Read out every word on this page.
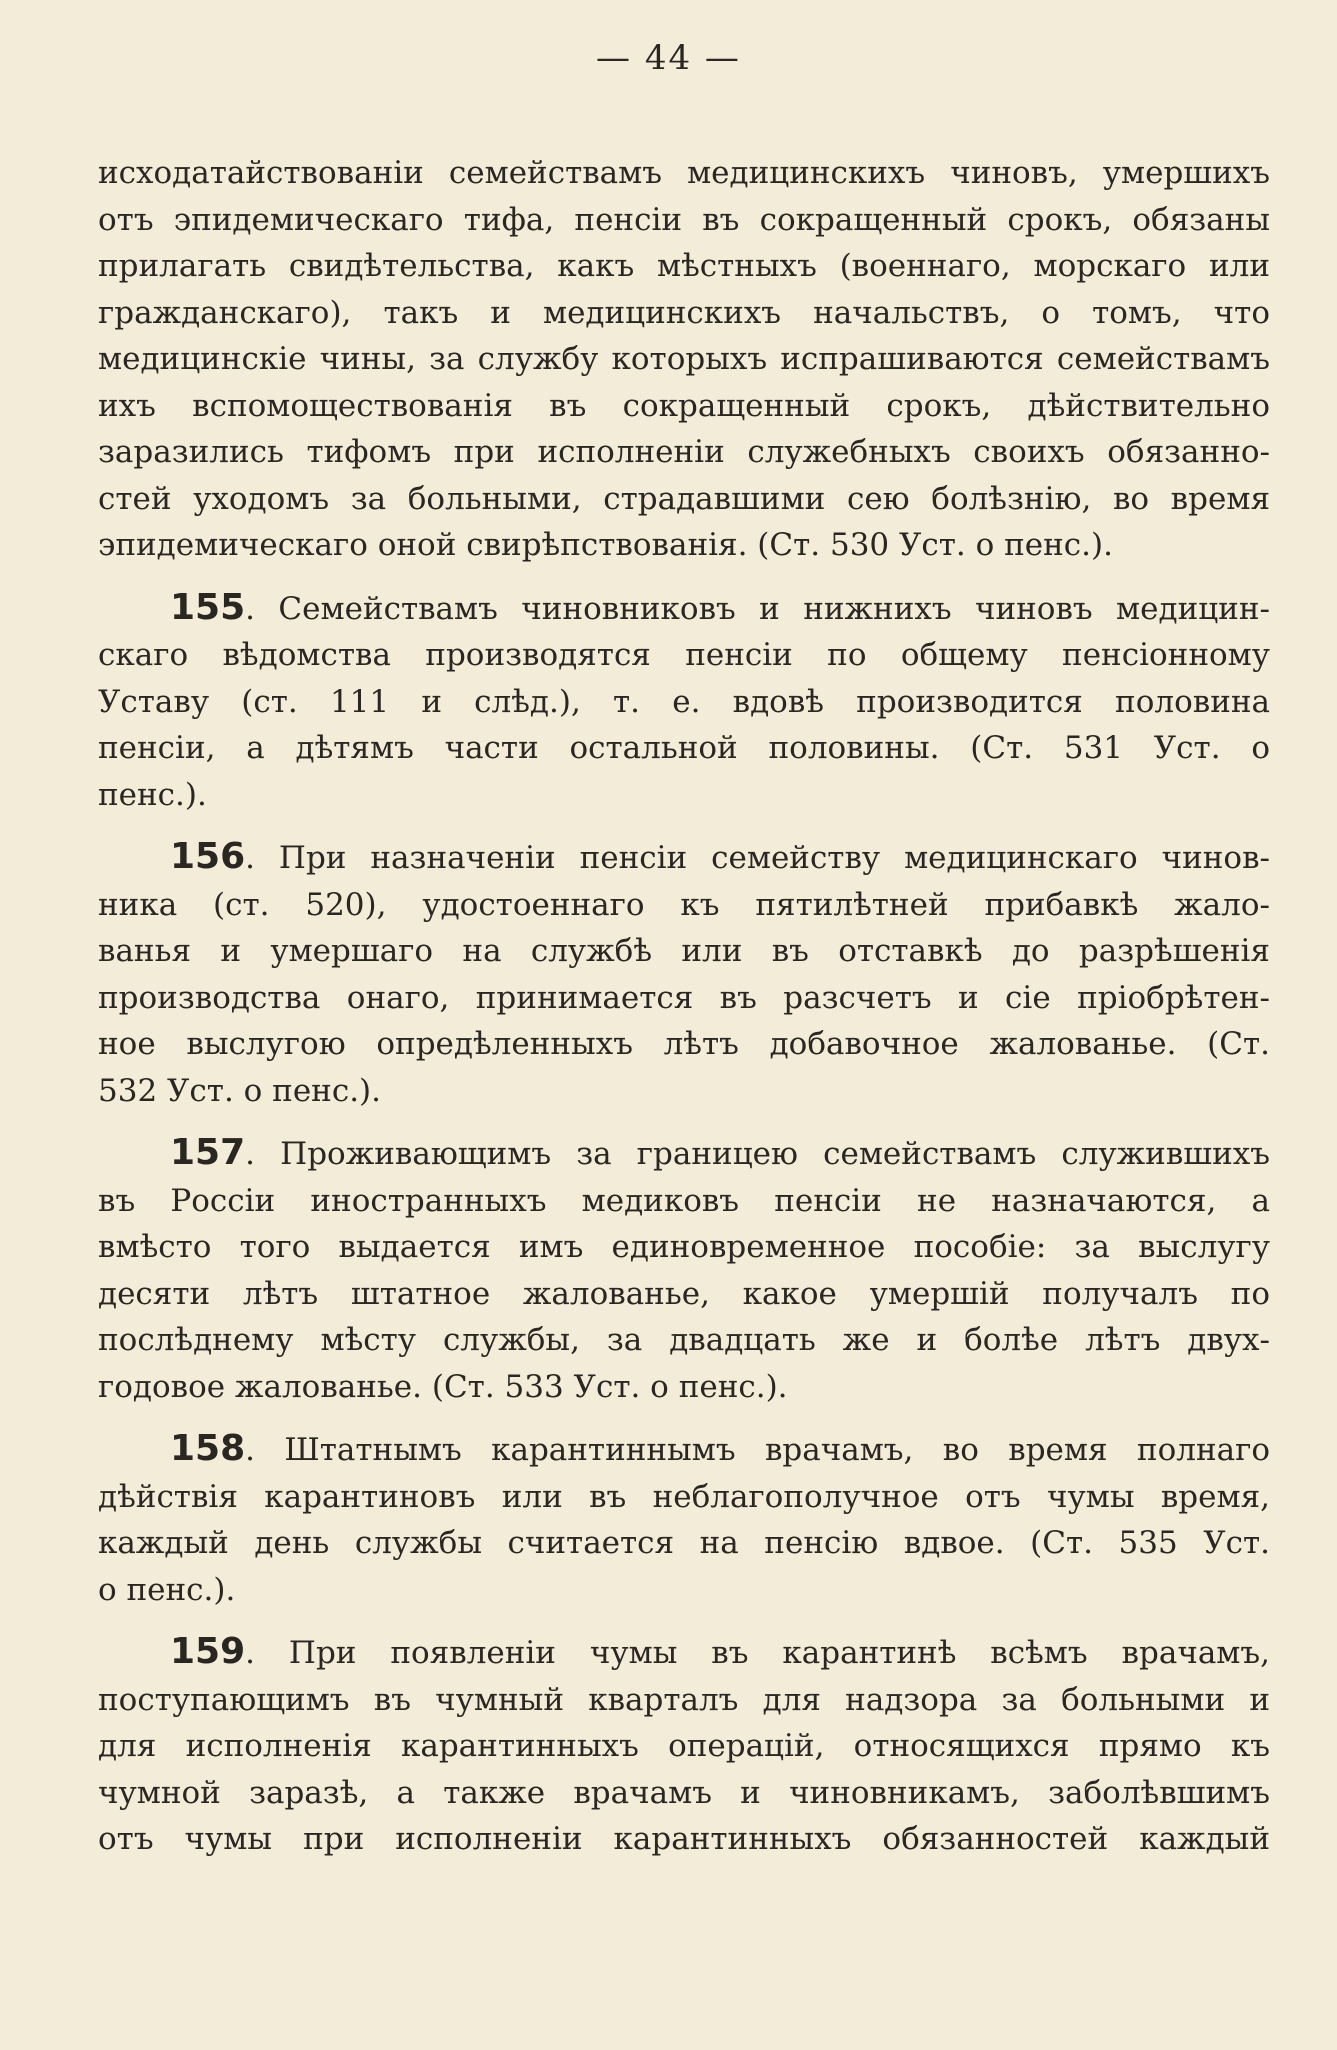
— 44 —
исходатайствованіи семействамъ медицинскихъ чиновъ, умершихъ
отъ эпидемическаго тифа, пенсіи въ сокращенный срокъ, обязаны
прилагать свидѣтельства, какъ мѣстныхъ (военнаго, морскаго или
гражданскаго), такъ и медицинскихъ начальствъ, о томъ, что
медицинскіе чины, за службу которыхъ испрашиваются семействамъ
ихъ вспомоществованія въ сокращенный срокъ, дѣйствительно
заразились тифомъ при исполненіи служебныхъ своихъ обязанно-
стей уходомъ за больными, страдавшими сею болѣзнію, во время
эпидемическаго оной свирѣпствованія. (Ст. 530 Уст. о пенс.).
155. Семействамъ чиновниковъ и нижнихъ чиновъ медицин-
скаго вѣдомства производятся пенсіи по общему пенсіонному
Уставу (ст. 111 и слѣд.), т. е. вдовѣ производится половина
пенсіи, а дѣтямъ части остальной половины. (Ст. 531 Уст. о
пенс.).
156. При назначеніи пенсіи семейству медицинскаго чинов-
ника (ст. 520), удостоеннаго къ пятилѣтней прибавкѣ жало-
ванья и умершаго на службѣ или въ отставкѣ до разрѣшенія
производства онаго, принимается въ разсчетъ и сіе пріобрѣтен-
ное выслугою опредѣленныхъ лѣтъ добавочное жалованье. (Ст.
532 Уст. о пенс.).
157. Проживающимъ за границею семействамъ служившихъ
въ Россіи иностранныхъ медиковъ пенсіи не назначаются, а
вмѣсто того выдается имъ единовременное пособіе: за выслугу
десяти лѣтъ штатное жалованье, какое умершій получалъ по
послѣднему мѣсту службы, за двадцать же и болѣе лѣтъ двух-
годовое жалованье. (Ст. 533 Уст. о пенс.).
158. Штатнымъ карантиннымъ врачамъ, во время полнаго
дѣйствія карантиновъ или въ неблагополучное отъ чумы время,
каждый день службы считается на пенсію вдвое. (Ст. 535 Уст.
о пенс.).
159. При появленіи чумы въ карантинѣ всѣмъ врачамъ,
поступающимъ въ чумный кварталъ для надзора за больными и
для исполненія карантинныхъ операцій, относящихся прямо къ
чумной заразѣ, а также врачамъ и чиновникамъ, заболѣвшимъ
отъ чумы при исполненіи карантинныхъ обязанностей каждый
